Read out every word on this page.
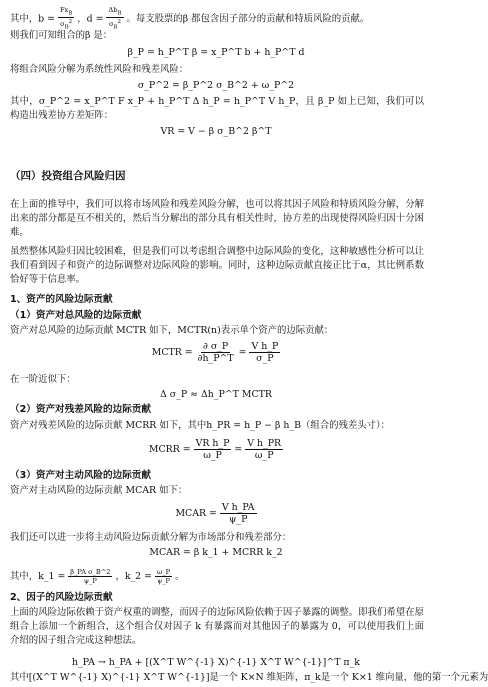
其中，$b = \frac{Fx_B}{\sigma_B^2}$ ，$d = \frac{\Delta b_B}{\sigma_B^2}$ 。每支股票的β 都包含因子部分的贡献和特质风险的贡献。
则我们可知组合的β 是：
β_P = h_P^T β = x_P^T b + h_P^T d
将组合风险分解为系统性风险和残差风险：
σ_P^2 = β_P^2 σ_B^2 + ω_P^2
其中，σ_P^2 = x_P^T F x_P + h_P^T Δ h_P = h_P^T V h_P，且 β_P 如上已知，我们可以构造出残差协方差矩阵：
VR = V − β σ_B^2 β^T
（四）投资组合风险归因
在上面的推导中，我们可以将市场风险和残差风险分解，也可以将其因子风险和特质风险分解，分解出来的部分都是互不相关的，然后当分解出的部分具有相关性时，协方差的出现使得风险归因十分困难。
虽然整体风险归因比较困难，但是我们可以考虑组合调整中边际风险的变化，这种敏感性分析可以让我们看到因子和资产的边际调整对边际风险的影响。同时，这种边际贡献直接正比于α，其比例系数恰好等于信息率。
1、资产的风险边际贡献
（1）资产对总风险的边际贡献
资产对总风险的边际贡献 MCTR 如下，MCTR(n)表示单个资产的边际贡献：
MCTR = $\frac{\partial \sigma\_P}{\partial h\_P\^{}T} = \frac{\text{V h\_P}}{\sigma\_P}$
在一阶近似下：
Δ σ_P ≈ Δh_P^T MCTR
（2）资产对残差风险的边际贡献
资产对残差风险的边际贡献 MCRR 如下，其中h_PR = h_P − β h_B（组合的残差头寸）：
MCRR = $\frac{\text{VR h\_P}}{\omega\_P} = \frac{\text{V h\_PR}}{\omega\_P}$
（3）资产对主动风险的边际贡献
资产对主动风险的边际贡献 MCAR 如下：
MCAR = $\frac{\text{V h\_PA}}{\psi\_P}$
我们还可以进一步将主动风险边际贡献分解为市场部分和残差部分：
MCAR = β k_1 + MCRR k_2
其中，k_1 = $\frac{\text{β\_PA σ\_B\textasciicircum{}2}}{\psi\_P}$ ，k_2 = $\frac{\omega\_P}{\psi\_P}$ 。
2、因子的风险边际贡献
上面的风险边际依赖于资产权重的调整，而因子的边际风险依赖于因子暴露的调整。即我们希望在原组合上添加一个新组合，这个组合仅对因子 k 有暴露而对其他因子的暴露为 0，可以使用我们上面介绍的因子组合完成这种想法。
h_PA → h_PA + [(X^T W^{-1} X)^{-1} X^T W^{-1}]^T π_k
其中[(X^T W^{-1} X)^{-1} X^T W^{-1}]是一个 K×N 维矩阵，π_k是一个 K×1 维向量，他的第一个元素为
